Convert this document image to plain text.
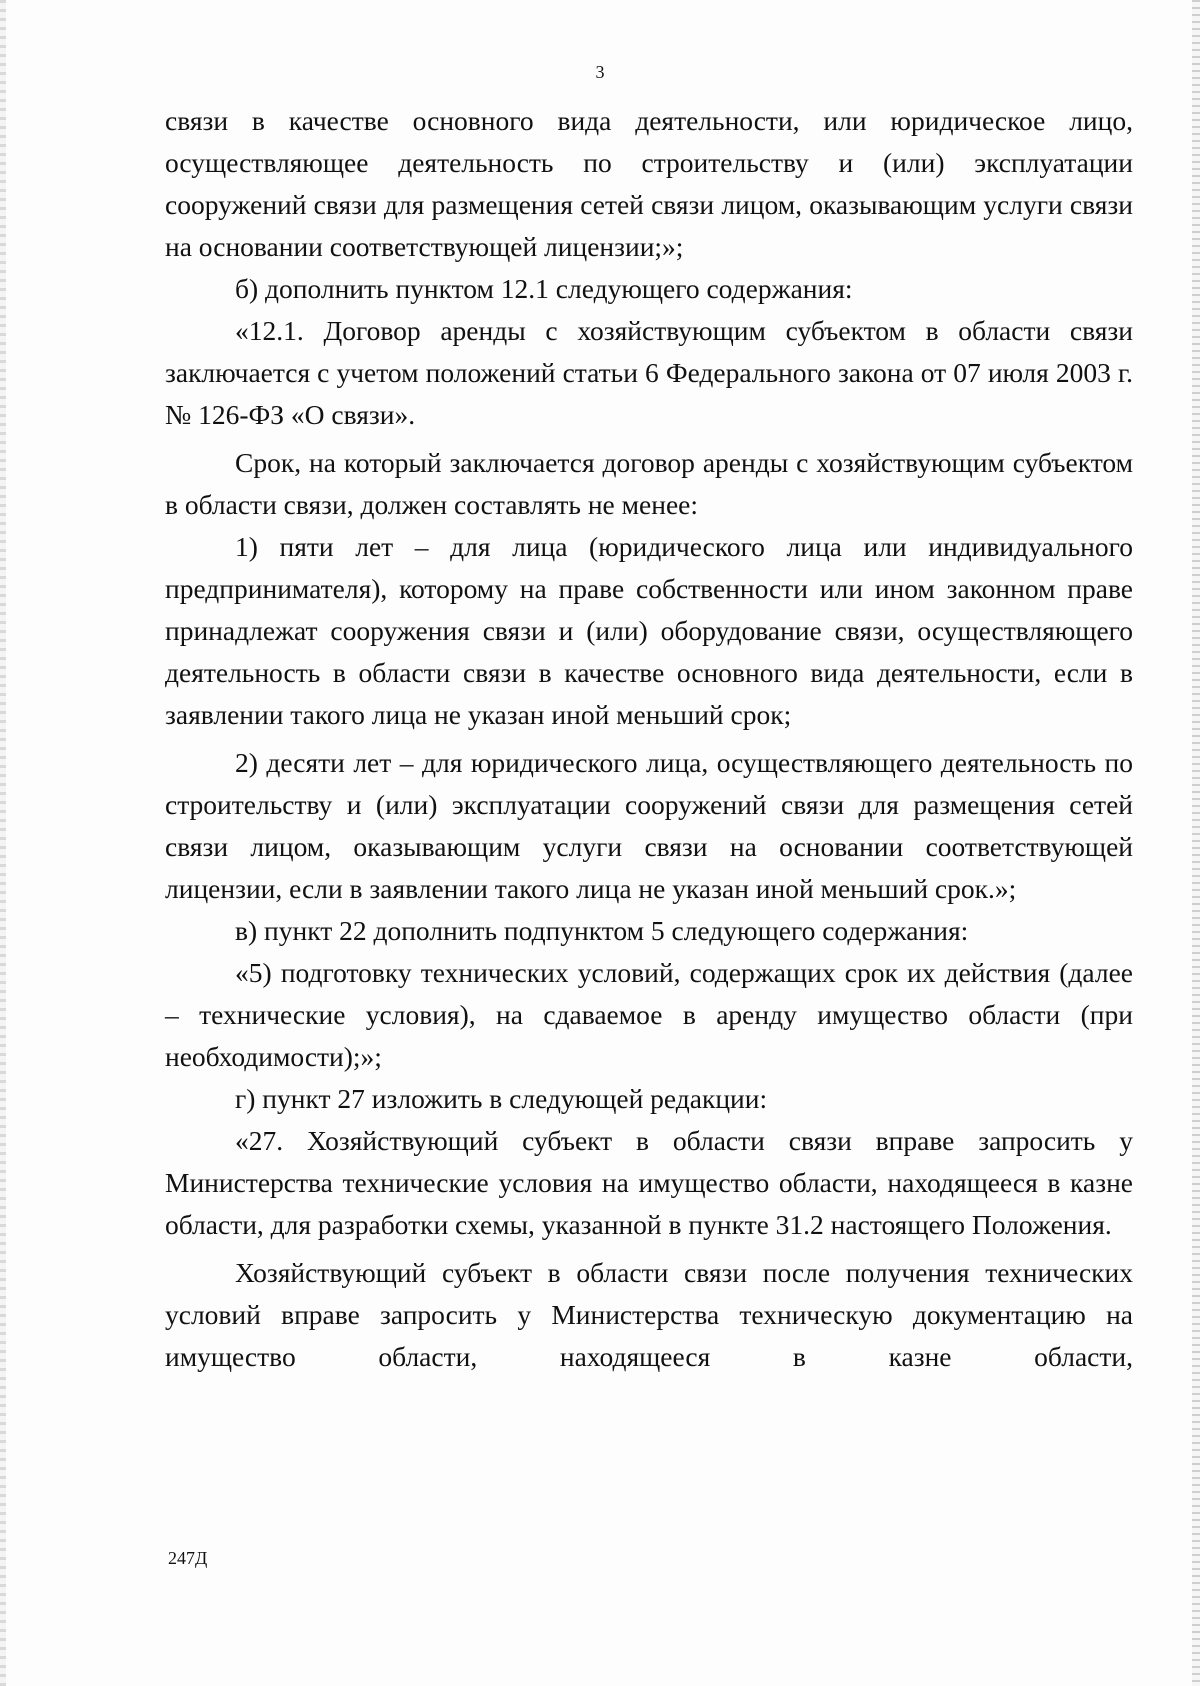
3

связи в качестве основного вида деятельности, или юридическое лицо, осуществляющее деятельность по строительству и (или) эксплуатации сооружений связи для размещения сетей связи лицом, оказывающим услуги связи на основании соответствующей лицензии;»;

б) дополнить пунктом 12.1 следующего содержания:

«12.1. Договор аренды с хозяйствующим субъектом в области связи заключается с учетом положений статьи 6 Федерального закона от 07 июля 2003 г. № 126-ФЗ «О связи».

Срок, на который заключается договор аренды с хозяйствующим субъектом в области связи, должен составлять не менее:

1) пяти лет – для лица (юридического лица или индивидуального предпринимателя), которому на праве собственности или ином законном праве принадлежат сооружения связи и (или) оборудование связи, осуществляющего деятельность в области связи в качестве основного вида деятельности, если в заявлении такого лица не указан иной меньший срок;

2) десяти лет – для юридического лица, осуществляющего деятельность по строительству и (или) эксплуатации сооружений связи для размещения сетей связи лицом, оказывающим услуги связи на основании соответствующей лицензии, если в заявлении такого лица не указан иной меньший срок.»;

в) пункт 22 дополнить подпунктом 5 следующего содержания:

«5) подготовку технических условий, содержащих срок их действия (далее – технические условия), на сдаваемое в аренду имущество области (при необходимости);»;

г) пункт 27 изложить в следующей редакции:

«27. Хозяйствующий субъект в области связи вправе запросить у Министерства технические условия на имущество области, находящееся в казне области, для разработки схемы, указанной в пункте 31.2 настоящего Положения.

Хозяйствующий субъект в области связи после получения технических условий вправе запросить у Министерства техническую документацию на имущество области, находящееся в казне области,

247Д
